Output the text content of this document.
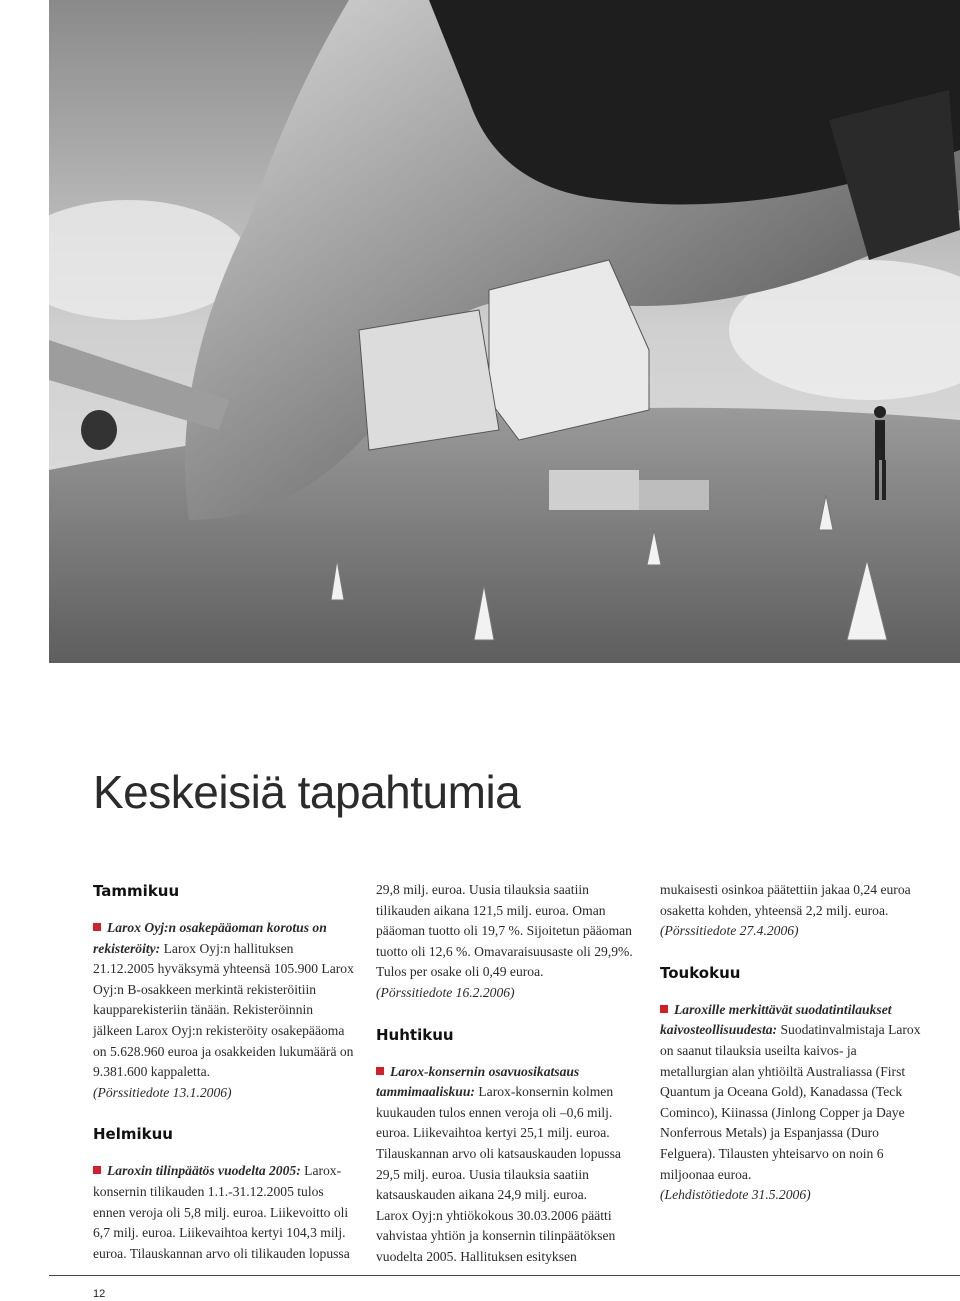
Keskeisiä tapahtumia
Tammikuu

Larox Oyj:n osakepääoman korotus on rekisteröity: Larox Oyj:n hallituksen 21.12.2005 hyväksymä yhteensä 105.900 Larox Oyj:n B-osakkeen merkintä rekisteröitiin kaupparekisteriin tänään. Rekisteröinnin jälkeen Larox Oyj:n rekisteröity osakepääoma on 5.628.960 euroa ja osakkeiden lukumäärä on 9.381.600 kappaletta.

(Pörssitiedote 13.1.2006)

Helmikuu

Laroxin tilinpäätös vuodelta 2005: Larox-konsernin tilikauden 1.1.-31.12.2005 tulos ennen veroja oli 5,8 milj. euroa. Liikevoitto oli 6,7 milj. euroa. Liikevaihtoa kertyi 104,3 milj. euroa. Tilauskannan arvo oli tilikauden lopussa

29,8 milj. euroa. Uusia tilauksia saatiin tilikauden aikana 121,5 milj. euroa. Oman pääoman tuotto oli 19,7 %. Sijoitetun pääoman tuotto oli 12,6 %. Omavaraisuusaste oli 29,9%. Tulos per osake oli 0,49 euroa.

(Pörssitiedote 16.2.2006)

Huhtikuu

Larox-konsernin osavuosikatsaus tammimaaliskuu: Larox-konsernin kolmen kuukauden tulos ennen veroja oli –0,6 milj. euroa. Liikevaihtoa kertyi 25,1 milj. euroa. Tilauskannan arvo oli katsauskauden lopussa 29,5 milj. euroa. Uusia tilauksia saatiin katsauskauden aikana 24,9 milj. euroa.

Larox Oyj:n yhtiökokous 30.03.2006 päätti vahvistaa yhtiön ja konsernin tilinpäätöksen vuodelta 2005. Hallituksen esityksen

mukaisesti osinkoa päätettiin jakaa 0,24 euroa osaketta kohden, yhteensä 2,2 milj. euroa.

(Pörssitiedote 27.4.2006)

Toukokuu

Laroxille merkittävät suodatintilaukset kaivosteollisuudesta: Suodatinvalmistaja Larox on saanut tilauksia useilta kaivos- ja metallurgian alan yhtiöiltä Australiassa (First Quantum ja Oceana Gold), Kanadassa (Teck Cominco), Kiinassa (Jinlong Copper ja Daye Nonferrous Metals) ja Espanjassa (Duro Felguera). Tilausten yhteisarvo on noin 6 miljoonaa euroa.

(Lehdistötiedote 31.5.2006)

12
